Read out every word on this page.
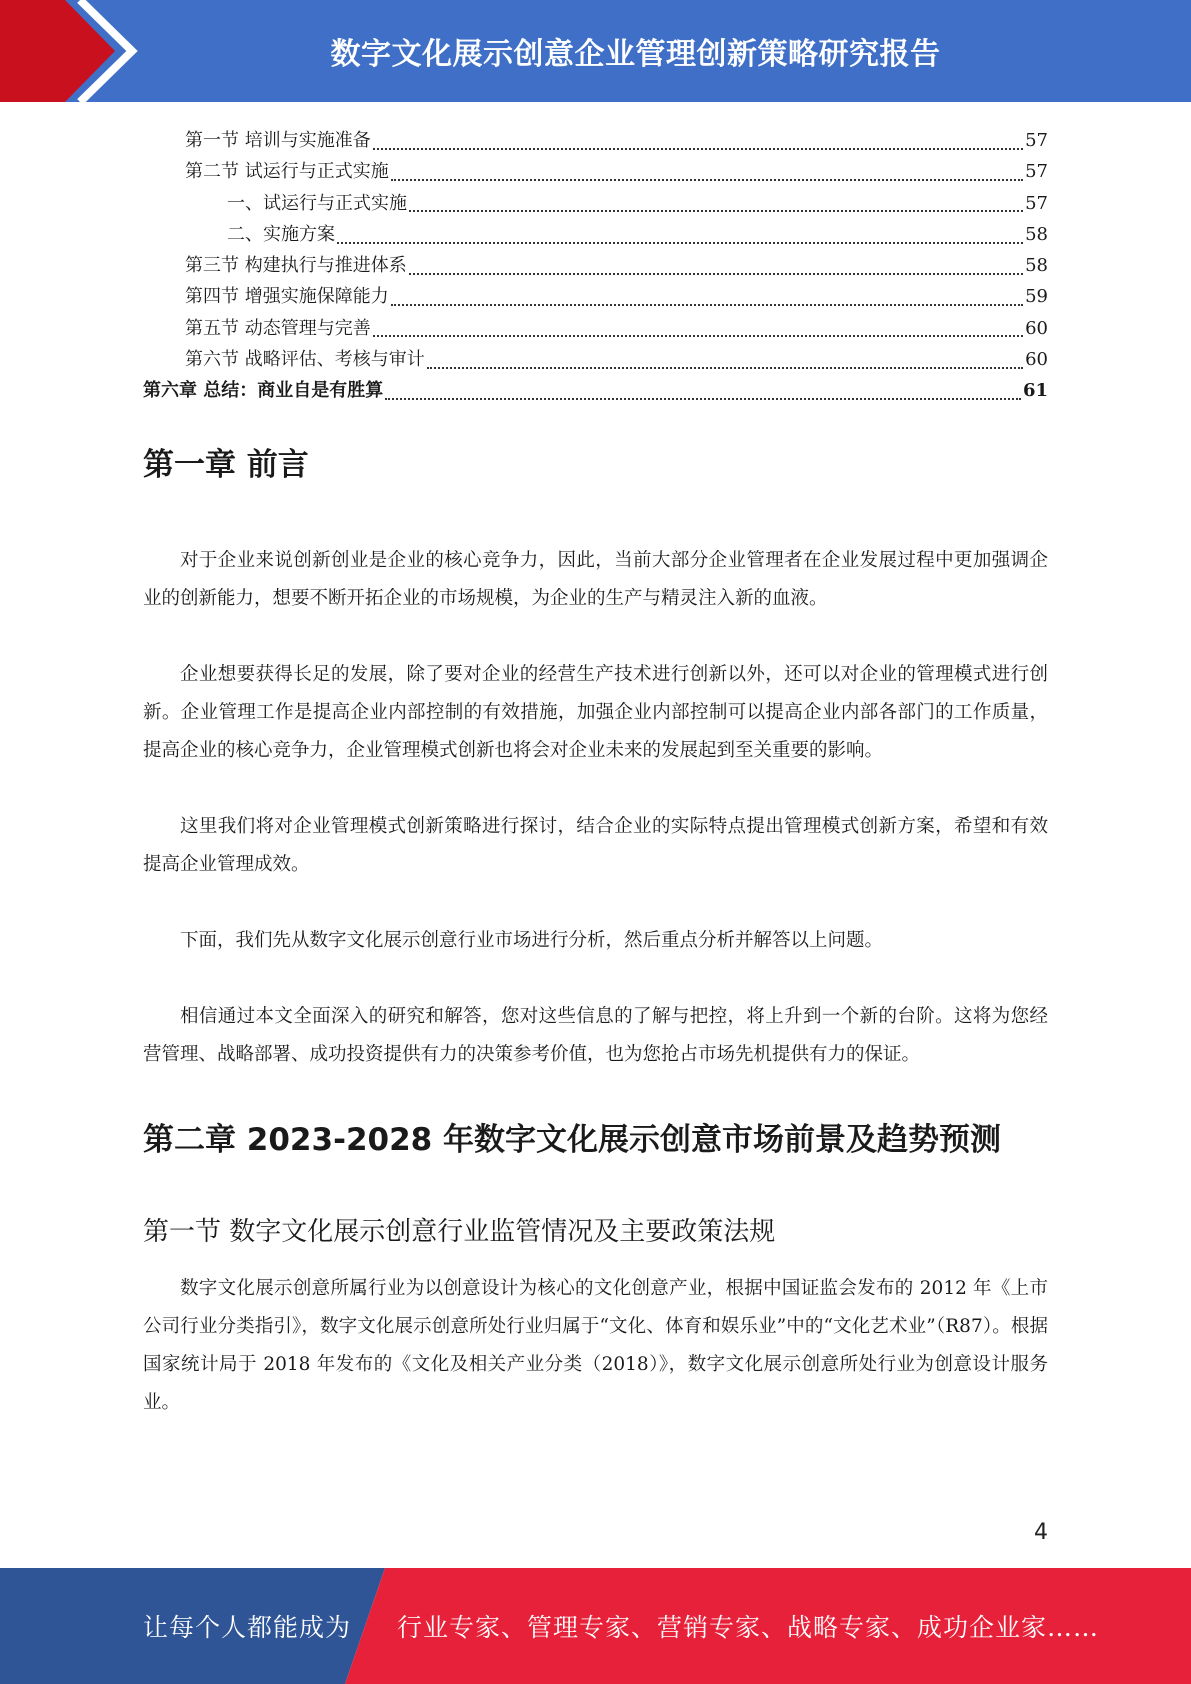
数字文化展示创意企业管理创新策略研究报告
第一节 培训与实施准备	57
第二节 试运行与正式实施	57
一、试运行与正式实施	57
二、实施方案	58
第三节 构建执行与推进体系	58
第四节 增强实施保障能力	59
第五节 动态管理与完善	60
第六节 战略评估、考核与审计	60
第六章 总结：商业自是有胜算	61
第一章 前言

对于企业来说创新创业是企业的核心竞争力，因此，当前大部分企业管理者在企业发展过程中更加强调企业的创新能力，想要不断开拓企业的市场规模，为企业的生产与精灵注入新的血液。

企业想要获得长足的发展，除了要对企业的经营生产技术进行创新以外，还可以对企业的管理模式进行创新。企业管理工作是提高企业内部控制的有效措施，加强企业内部控制可以提高企业内部各部门的工作质量，提高企业的核心竞争力，企业管理模式创新也将会对企业未来的发展起到至关重要的影响。

这里我们将对企业管理模式创新策略进行探讨，结合企业的实际特点提出管理模式创新方案，希望和有效提高企业管理成效。

下面，我们先从数字文化展示创意行业市场进行分析，然后重点分析并解答以上问题。

相信通过本文全面深入的研究和解答，您对这些信息的了解与把控，将上升到一个新的台阶。这将为您经营管理、战略部署、成功投资提供有力的决策参考价值，也为您抢占市场先机提供有力的保证。

第二章 2023-2028 年数字文化展示创意市场前景及趋势预测
第一节 数字文化展示创意行业监管情况及主要政策法规

数字文化展示创意所属行业为以创意设计为核心的文化创意产业，根据中国证监会发布的 2012 年《上市公司行业分类指引》，数字文化展示创意所处行业归属于“文化、体育和娱乐业”中的“文化艺术业”（R87）。根据国家统计局于 2018 年发布的《文化及相关产业分类（2018）》，数字文化展示创意所处行业为创意设计服务业。

4
让每个人都能成为 行业专家、管理专家、营销专家、战略专家、成功企业家……
